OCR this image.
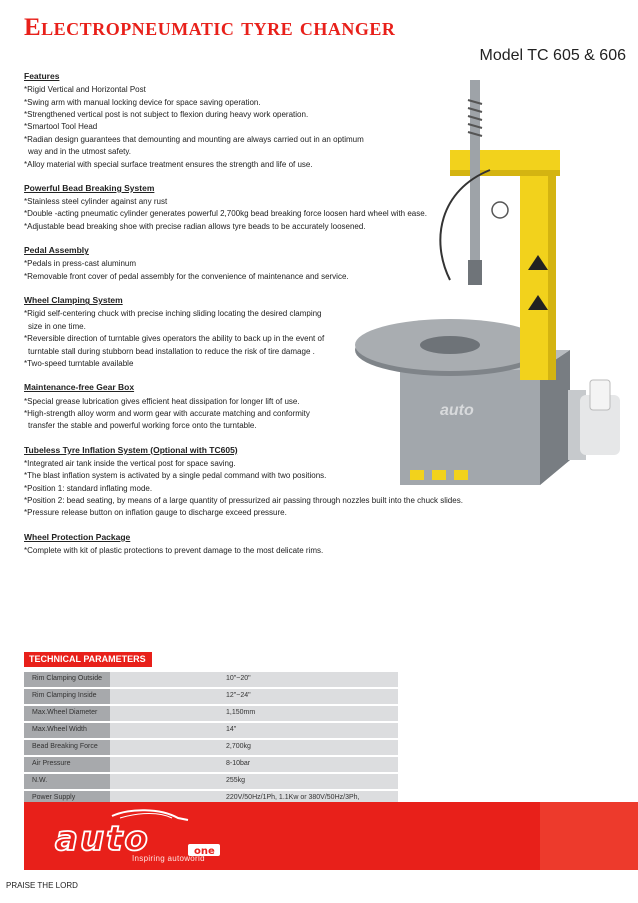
Electropneumatic tyre changer
Model TC 605 & 606
Features
*Rigid Vertical and Horizontal Post
*Swing arm with manual locking device for space saving operation.
*Strengthened vertical post is not subject to flexion during heavy work operation.
*Smartool Tool Head
*Radian design guarantees that demounting and mounting are always carried out in an optimum
way and in the utmost safety.
*Alloy material with special surface treatment ensures the strength and life of use.
Powerful Bead Breaking System
*Stainless steel cylinder against any rust
*Double -acting pneumatic cylinder generates powerful 2,700kg bead breaking force loosen hard wheel with ease.
*Adjustable bead breaking shoe with precise radian allows tyre beads to be accurately loosened.
Pedal Assembly
*Pedals in press-cast aluminum
*Removable front cover of pedal assembly for the convenience of maintenance and service.
Wheel Clamping System
*Rigid self-centering chuck with precise inching sliding locating the desired clamping
size in one time.
*Reversible direction of turntable gives operators the ability to back up in the event of
turntable stall during stubborn bead installation to reduce the risk of tire damage .
*Two-speed turntable available
Maintenance-free Gear Box
*Special grease lubrication gives efficient heat dissipation for longer lift of use.
*High-strength alloy worm and worm gear with accurate matching and conformity
transfer the stable and powerful working force onto the turntable.
Tubeless Tyre Inflation System (Optional with TC605)
*Integrated air tank inside the vertical post for space saving.
*The blast inflation system is activated by a single pedal command with two positions.
*Position 1: standard inflating mode.
*Position 2: bead seating, by means of a large quantity of pressurized air passing through nozzles built into the chuck slides.
*Pressure release button on inflation gauge to discharge exceed pressure.
Wheel Protection Package
*Complete with kit of plastic protections to prevent damage to the most delicate rims.
auto
TECHNICAL PARAMETERS
Rim Clamping Outside	10"~20"
Rim Clamping Inside	12"~24"
Max.Wheel Diameter	1,150mm
Max.Wheel Width	14"
Bead Breaking Force	2,700kg
Air Pressure	8-10bar
N.W.	255kg
Power Supply	220V/50Hz/1Ph, 1.1Kw or 380V/50Hz/3Ph,
auto	one
Inspiring autoworld
PRAISE THE LORD
